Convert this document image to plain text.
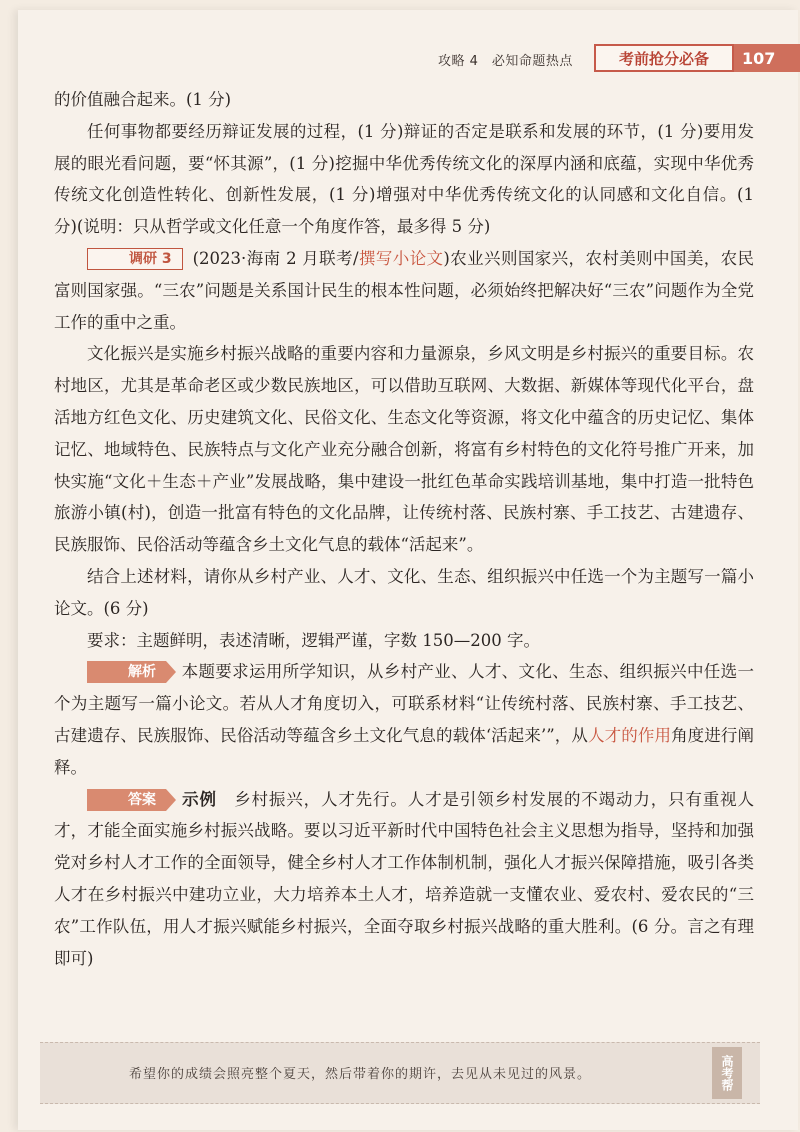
攻略 4　必知命题热点	考前抢分必备	107

的价值融合起来。(1 分)

任何事物都要经历辩证发展的过程，(1 分)辩证的否定是联系和发展的环节，(1 分)要用发展的眼光看问题，要“怀其源”，(1 分)挖掘中华优秀传统文化的深厚内涵和底蕴，实现中华优秀传统文化创造性转化、创新性发展，(1 分)增强对中华优秀传统文化的认同感和文化自信。(1 分)(说明：只从哲学或文化任意一个角度作答，最多得 5 分)

调研 3 (2023·海南 2 月联考/撰写小论文)农业兴则国家兴，农村美则中国美，农民富则国家强。“三农”问题是关系国计民生的根本性问题，必须始终把解决好“三农”问题作为全党工作的重中之重。

文化振兴是实施乡村振兴战略的重要内容和力量源泉，乡风文明是乡村振兴的重要目标。农村地区，尤其是革命老区或少数民族地区，可以借助互联网、大数据、新媒体等现代化平台，盘活地方红色文化、历史建筑文化、民俗文化、生态文化等资源，将文化中蕴含的历史记忆、集体记忆、地域特色、民族特点与文化产业充分融合创新，将富有乡村特色的文化符号推广开来，加快实施“文化＋生态＋产业”发展战略，集中建设一批红色革命实践培训基地，集中打造一批特色旅游小镇(村)，创造一批富有特色的文化品牌，让传统村落、民族村寨、手工技艺、古建遗存、民族服饰、民俗活动等蕴含乡土文化气息的载体“活起来”。

结合上述材料，请你从乡村产业、人才、文化、生态、组织振兴中任选一个为主题写一篇小论文。(6 分)

要求：主题鲜明，表述清晰，逻辑严谨，字数 150—200 字。

解析 本题要求运用所学知识，从乡村产业、人才、文化、生态、组织振兴中任选一个为主题写一篇小论文。若从人才角度切入，可联系材料“让传统村落、民族村寨、手工技艺、古建遗存、民族服饰、民俗活动等蕴含乡土文化气息的载体‘活起来’”，从人才的作用角度进行阐释。

答案 示例　 乡村振兴，人才先行。人才是引领乡村发展的不竭动力，只有重视人才，才能全面实施乡村振兴战略。要以习近平新时代中国特色社会主义思想为指导，坚持和加强党对乡村人才工作的全面领导，健全乡村人才工作体制机制，强化人才振兴保障措施，吸引各类人才在乡村振兴中建功立业，大力培养本土人才，培养造就一支懂农业、爱农村、爱农民的“三农”工作队伍，用人才振兴赋能乡村振兴，全面夺取乡村振兴战略的重大胜利。(6 分。言之有理即可)

希望你的成绩会照亮整个夏天，然后带着你的期许，去见从未见过的风景。	高考帮
